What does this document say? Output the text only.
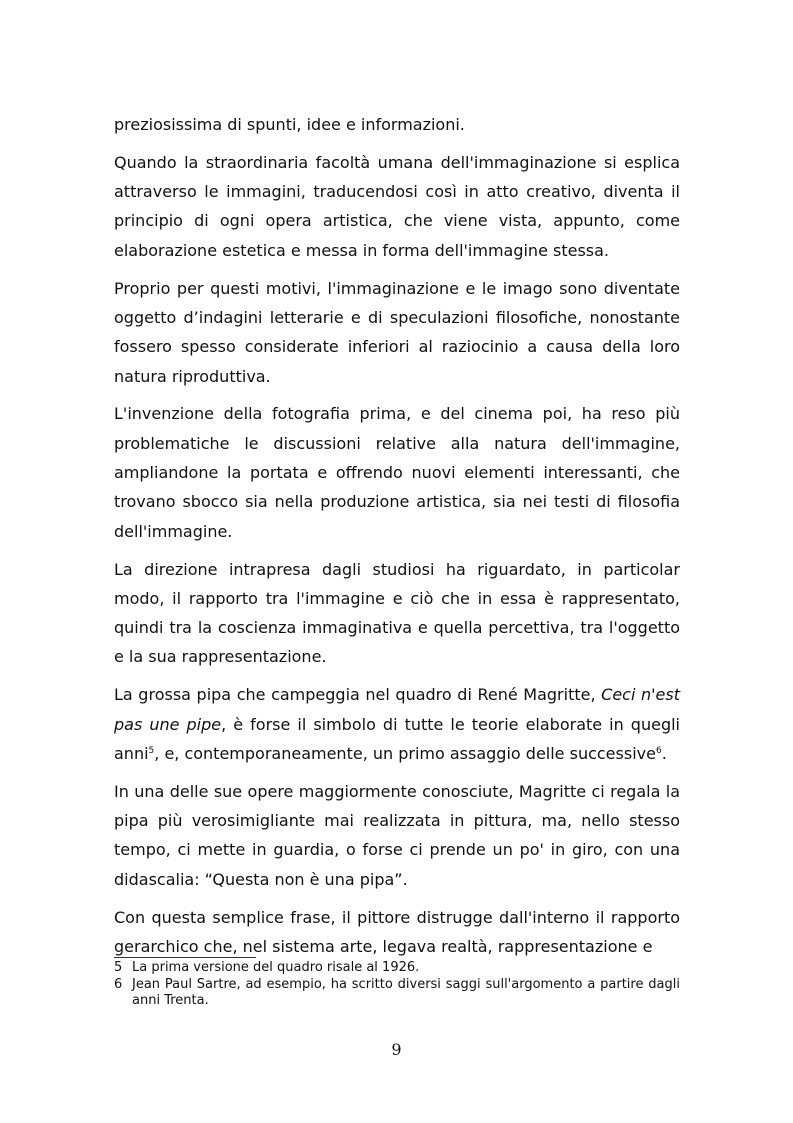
preziosissima di spunti, idee e informazioni.

Quando la straordinaria facoltà umana dell'immaginazione si esplica attraverso le immagini, traducendosi così in atto creativo, diventa il principio di ogni opera artistica, che viene vista, appunto, come elaborazione estetica e messa in forma dell'immagine stessa.

Proprio per questi motivi, l'immaginazione e le imago sono diventate oggetto d’indagini letterarie e di speculazioni filosofiche, nonostante fossero spesso considerate inferiori al raziocinio a causa della loro natura riproduttiva.

L'invenzione della fotografia prima, e del cinema poi, ha reso più problematiche le discussioni relative alla natura dell'immagine, ampliandone la portata e offrendo nuovi elementi interessanti, che trovano sbocco sia nella produzione artistica, sia nei testi di filosofia dell'immagine.

La direzione intrapresa dagli studiosi ha riguardato, in particolar modo, il rapporto tra l'immagine e ciò che in essa è rappresentato, quindi tra la coscienza immaginativa e quella percettiva, tra l'oggetto e la sua rappresentazione.

La grossa pipa che campeggia nel quadro di René Magritte, Ceci n'est pas une pipe, è forse il simbolo di tutte le teorie elaborate in quegli anni$^5$, e, contemporaneamente, un primo assaggio delle successive$^6$.

In una delle sue opere maggiormente conosciute, Magritte ci regala la pipa più verosimigliante mai realizzata in pittura, ma, nello stesso tempo, ci mette in guardia, o forse ci prende un po' in giro, con una didascalia: “Questa non è una pipa”.

Con questa semplice frase, il pittore distrugge dall'interno il rapporto gerarchico che, nel sistema arte, legava realtà, rappresentazione e

5 La prima versione del quadro risale al 1926.
6 Jean Paul Sartre, ad esempio, ha scritto diversi saggi sull'argomento a partire dagli anni Trenta.
9
